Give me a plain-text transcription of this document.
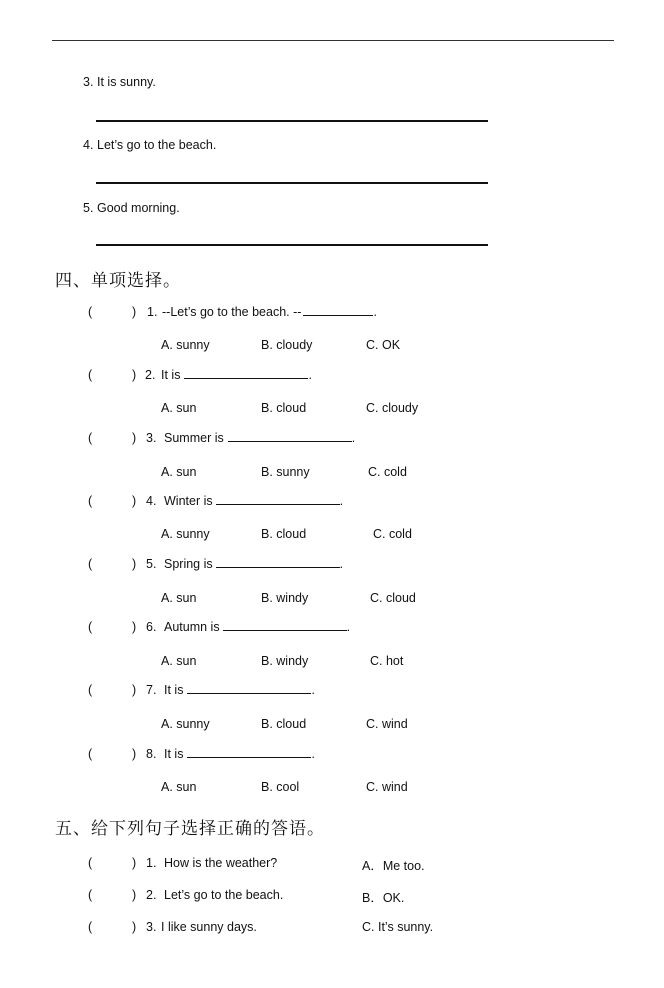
3. It is sunny.
4. Let’s go to the beach.
5. Good morning.
四、单项选择。
(	) 1. --Let’s go to the beach. --	.
A. sunny	B. cloudy	C. OK
(	) 2. It is	.
A. sun	B. cloud	C. cloudy
(	) 3. Summer is	.
A. sun	B. sunny	C. cold
(	) 4. Winter is	.
A. sunny	B. cloud	C. cold
(	) 5. Spring is	.
A. sun	B. windy	C. cloud
(	) 6. Autumn is	.
A. sun	B. windy	C. hot
(	) 7. It is	.
A. sunny	B. cloud	C. wind
(	) 8. It is	.
A. sun	B. cool	C. wind
五、给下列句子选择正确的答语。
(	) 1. How is the weather?	A．Me too.
(	) 2. Let’s go to the beach.	B．OK.
(	) 3. I like sunny days.	C. It’s sunny.
